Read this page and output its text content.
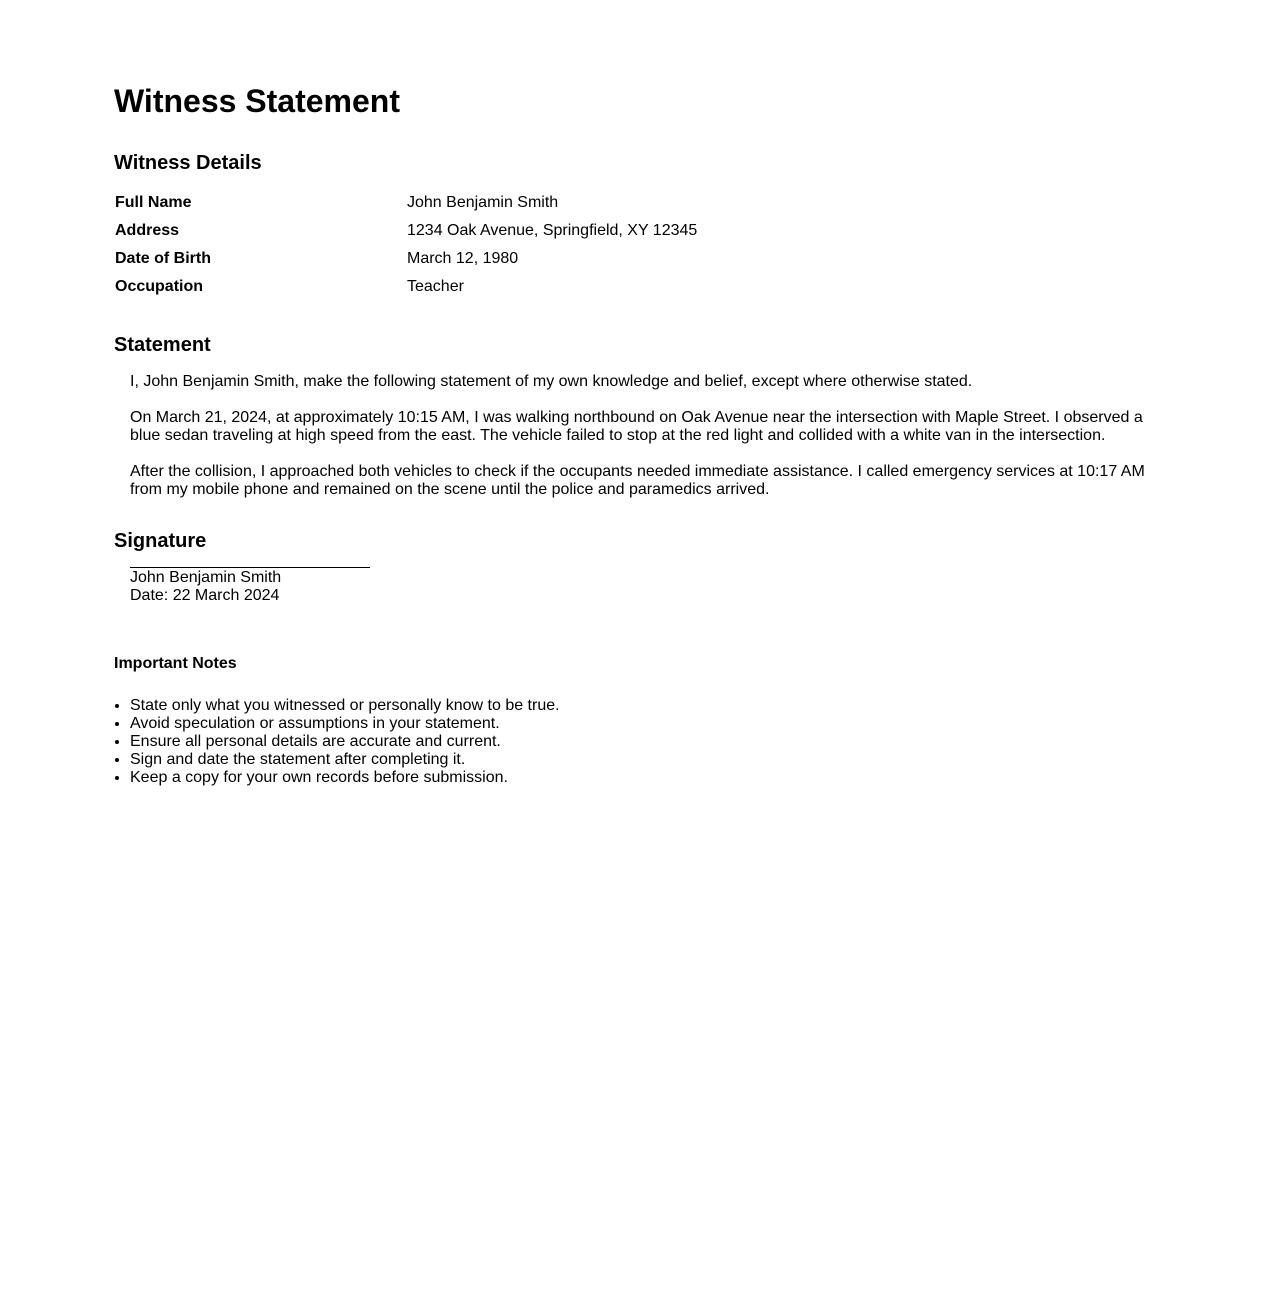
Witness Statement
Witness Details
Full Name	John Benjamin Smith
Address	1234 Oak Avenue, Springfield, XY 12345
Date of Birth	March 12, 1980
Occupation	Teacher
Statement

I, John Benjamin Smith, make the following statement of my own knowledge and belief, except where otherwise stated.

On March 21, 2024, at approximately 10:15 AM, I was walking northbound on Oak Avenue near the intersection with Maple Street. I observed a blue sedan traveling at high speed from the east. The vehicle failed to stop at the red light and collided with a white van in the intersection.

After the collision, I approached both vehicles to check if the occupants needed immediate assistance. I called emergency services at 10:17 AM from my mobile phone and remained on the scene until the police and paramedics arrived.

Signature
John Benjamin Smith
Date: 22 March 2024
Important Notes
• State only what you witnessed or personally know to be true.
• Avoid speculation or assumptions in your statement.
• Ensure all personal details are accurate and current.
• Sign and date the statement after completing it.
• Keep a copy for your own records before submission.
